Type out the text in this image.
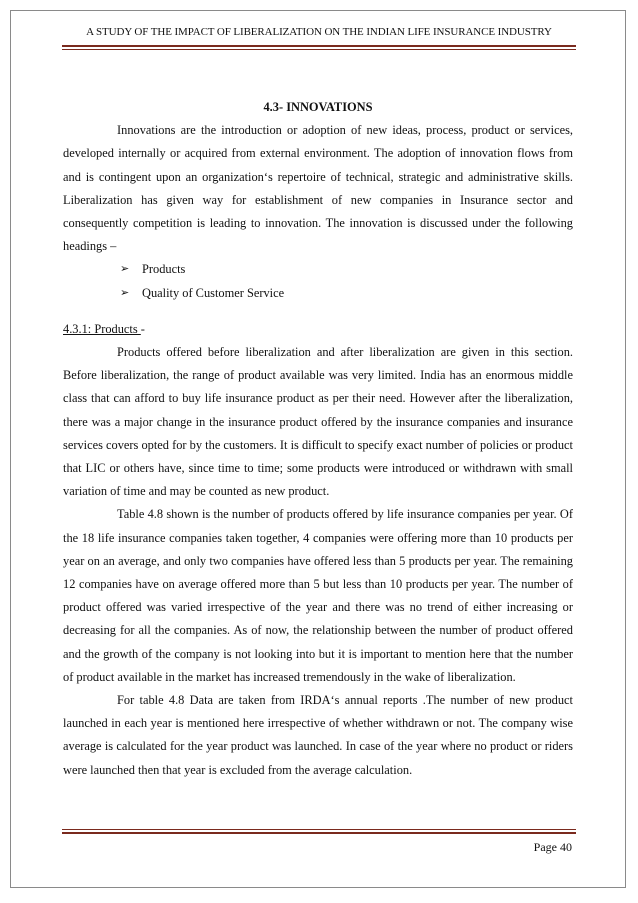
A STUDY OF THE IMPACT OF LIBERALIZATION ON THE INDIAN LIFE INSURANCE INDUSTRY

4.3- INNOVATIONS

Innovations are the introduction or adoption of new ideas, process, product or services, developed internally or acquired from external environment. The adoption of innovation flows from and is contingent upon an organization‘s repertoire of technical, strategic and administrative skills. Liberalization has given way for establishment of new companies in Insurance sector and consequently competition is leading to innovation. The innovation is discussed under the following headings –

➢ Products
➢ Quality of Customer Service

4.3.1: Products -

Products offered before liberalization and after liberalization are given in this section. Before liberalization, the range of product available was very limited. India has an enormous middle class that can afford to buy life insurance product as per their need. However after the liberalization, there was a major change in the insurance product offered by the insurance companies and insurance services covers opted for by the customers. It is difficult to specify exact number of policies or product that LIC or others have, since time to time; some products were introduced or withdrawn with small variation of time and may be counted as new product.

Table 4.8 shown is the number of products offered by life insurance companies per year. Of the 18 life insurance companies taken together, 4 companies were offering more than 10 products per year on an average, and only two companies have offered less than 5 products per year. The remaining 12 companies have on average offered more than 5 but less than 10 products per year. The number of product offered was varied irrespective of the year and there was no trend of either increasing or decreasing for all the companies. As of now, the relationship between the number of product offered and the growth of the company is not looking into but it is important to mention here that the number of product available in the market has increased tremendously in the wake of liberalization.

For table 4.8 Data are taken from IRDA‘s annual reports .The number of new product launched in each year is mentioned here irrespective of whether withdrawn or not. The company wise average is calculated for the year product was launched. In case of the year where no product or riders were launched then that year is excluded from the average calculation.

Page 40
